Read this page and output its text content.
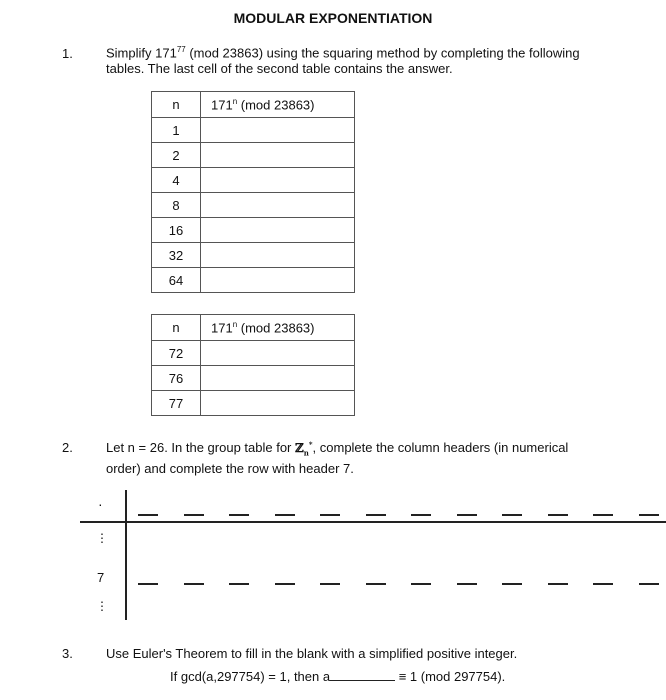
MODULAR EXPONENTIATION
1.	Simplify $171^{77}$ (mod 23863) using the squaring method by completing the following
tables. The last cell of the second table contains the answer.
n	171$^n$ (mod 23863)
1	
2	
4	
8	
16	
32	
64	
n	171$^n$ (mod 23863)
72	
76	
77	
2.	Let n = 26. In the group table for ℤ$_n$*, complete the column headers (in numerical
order) and complete the row with header 7.
·
⋮
7
⋮
3.	Use Euler's Theorem to fill in the blank with a simplified positive integer.
If gcd(a,297754) = 1, then a	≡ 1 (mod 297754).
